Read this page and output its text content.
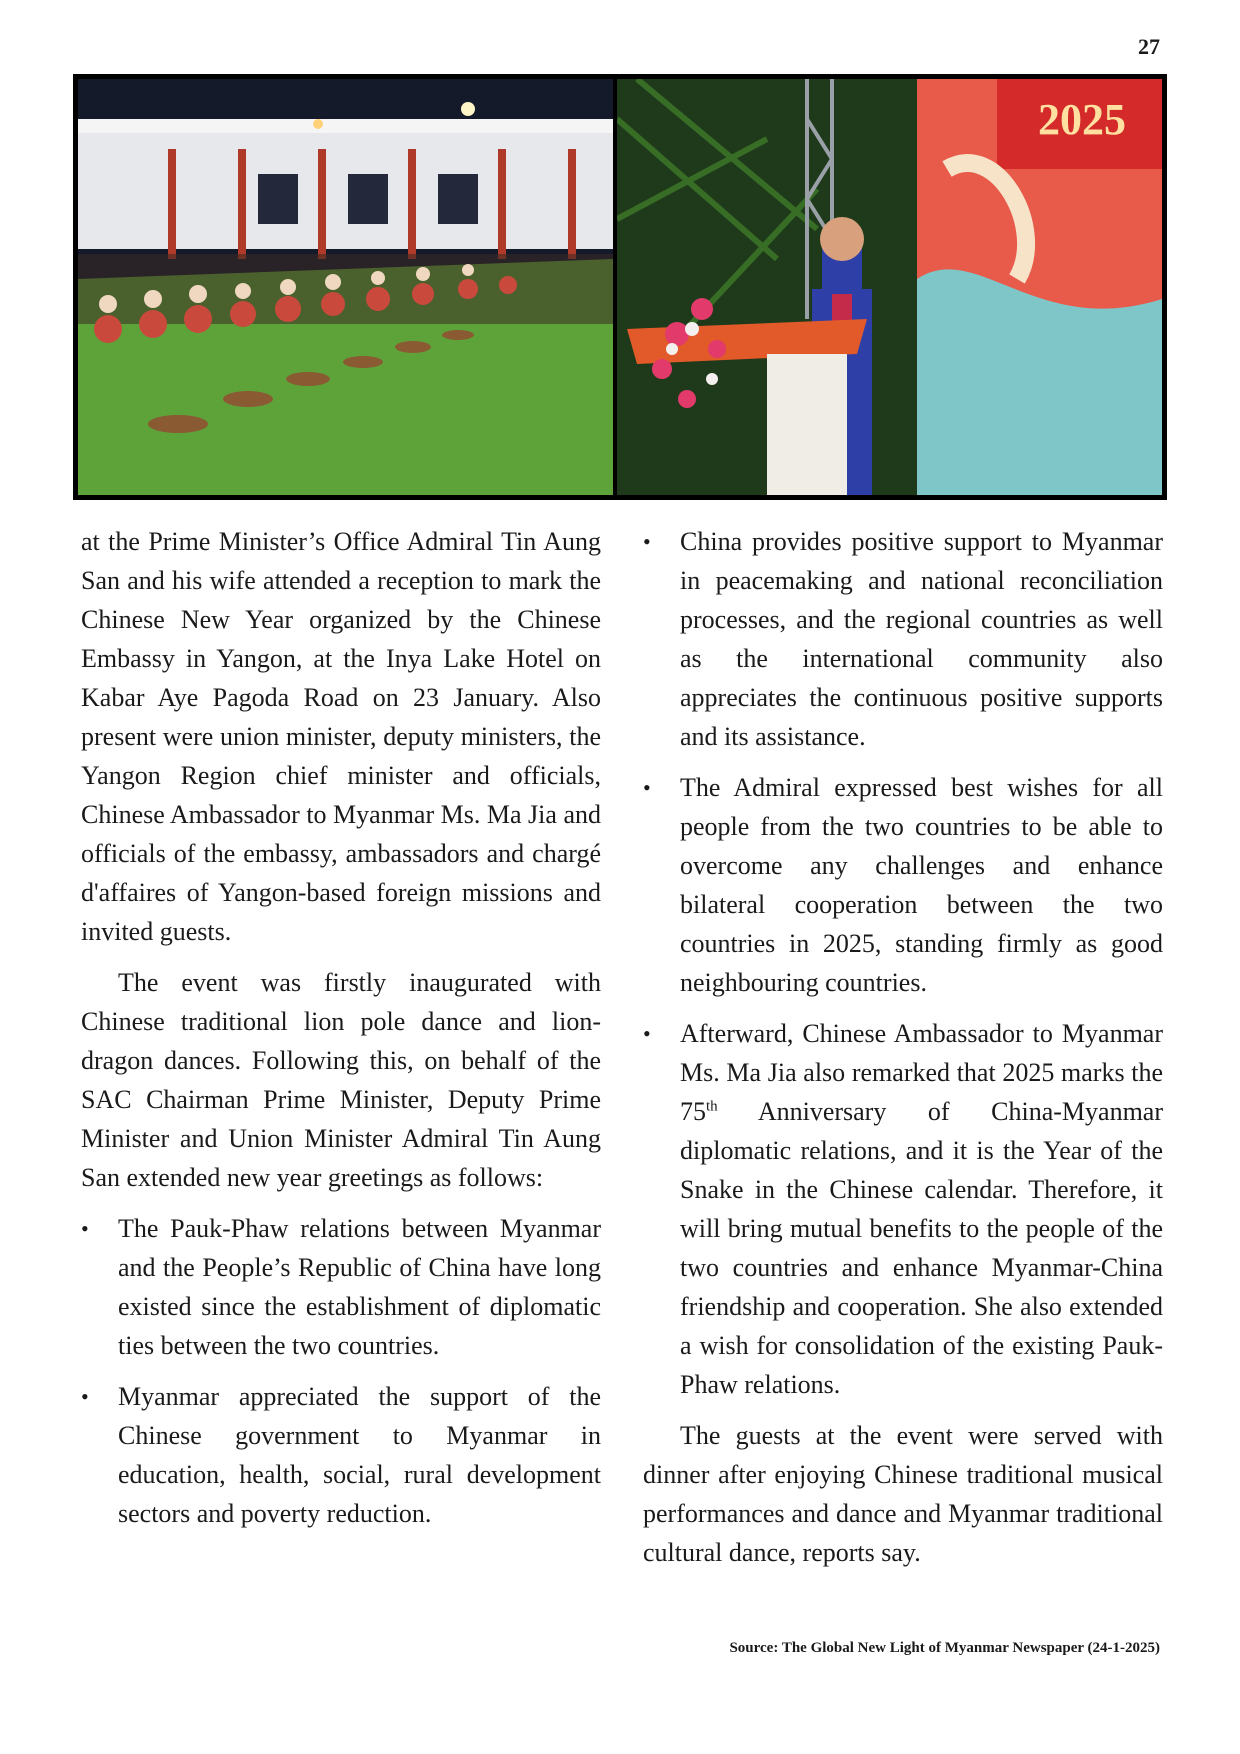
27
2025

at the Prime Minister’s Office Admiral Tin Aung San and his wife attended a reception to mark the Chinese New Year organized by the Chinese Embassy in Yangon, at the Inya Lake Hotel on Kabar Aye Pagoda Road on 23 January. Also present were union minister, deputy ministers, the Yangon Region chief minister and officials, Chinese Ambassador to Myanmar Ms. Ma Jia and officials of the embassy, ambassadors and chargé d'affaires of Yangon-based foreign missions and invited guests.

The event was firstly inaugurated with Chinese traditional lion pole dance and lion-dragon dances. Following this, on behalf of the SAC Chairman Prime Minister, Deputy Prime Minister and Union Minister Admiral Tin Aung San extended new year greetings as follows:

•	The Pauk-Phaw relations between Myanmar and the People’s Republic of China have long existed since the establishment of diplomatic ties between the two countries.
•	Myanmar appreciated the support of the Chinese government to Myanmar in education, health, social, rural development sectors and poverty reduction.
•	China provides positive support to Myanmar in peacemaking and national reconciliation processes, and the regional countries as well as the international community also appreciates the continuous positive supports and its assistance.
•	The Admiral expressed best wishes for all people from the two countries to be able to overcome any challenges and enhance bilateral cooperation between the two countries in 2025, standing firmly as good neighbouring countries.
•	Afterward, Chinese Ambassador to Myanmar Ms. Ma Jia also remarked that 2025 marks the 75th Anniversary of China-Myanmar diplomatic relations, and it is the Year of the Snake in the Chinese calendar. Therefore, it will bring mutual benefits to the people of the two countries and enhance Myanmar-China friendship and cooperation. She also extended a wish for consolidation of the existing Pauk-Phaw relations.

The guests at the event were served with dinner after enjoying Chinese traditional musical performances and dance and Myanmar traditional cultural dance, reports say.

Source: The Global New Light of Myanmar Newspaper (24-1-2025)
